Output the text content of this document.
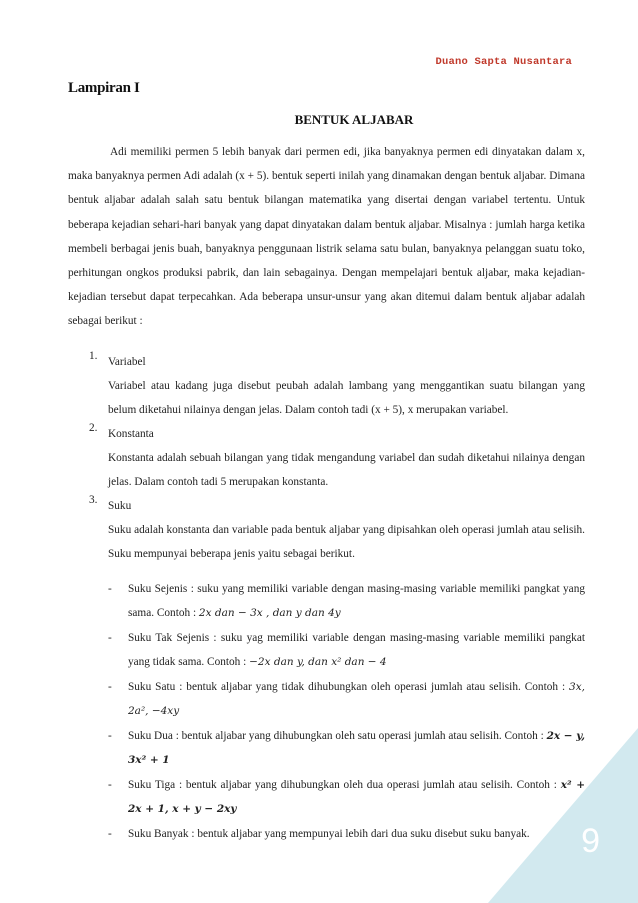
Duano Sapta Nusantara
Lampiran I
BENTUK ALJABAR

Adi memiliki permen 5 lebih banyak dari permen edi, jika banyaknya permen edi dinyatakan dalam x, maka banyaknya permen Adi adalah (x + 5). bentuk seperti inilah yang dinamakan dengan bentuk aljabar. Dimana bentuk aljabar adalah salah satu bentuk bilangan matematika yang disertai dengan variabel tertentu. Untuk beberapa kejadian sehari-hari banyak yang dapat dinyatakan dalam bentuk aljabar. Misalnya : jumlah harga ketika membeli berbagai jenis buah, banyaknya penggunaan listrik selama satu bulan, banyaknya pelanggan suatu toko, perhitungan ongkos produksi pabrik, dan lain sebagainya. Dengan mempelajari bentuk aljabar, maka kejadian-kejadian tersebut dapat terpecahkan. Ada beberapa unsur-unsur yang akan ditemui dalam bentuk aljabar adalah sebagai berikut :

1. Variabel

Variabel atau kadang juga disebut peubah adalah lambang yang menggantikan suatu bilangan yang belum diketahui nilainya dengan jelas. Dalam contoh tadi (x + 5), x merupakan variabel.

2. Konstanta

Konstanta adalah sebuah bilangan yang tidak mengandung variabel dan sudah diketahui nilainya dengan jelas. Dalam contoh tadi 5 merupakan konstanta.

3. Suku

Suku adalah konstanta dan variable pada bentuk aljabar yang dipisahkan oleh operasi jumlah atau selisih. Suku mempunyai beberapa jenis yaitu sebagai berikut.

- Suku Sejenis : suku yang memiliki variable dengan masing-masing variable memiliki pangkat yang sama. Contoh : 2x dan − 3x , dan y dan 4y
- Suku Tak Sejenis : suku yag memiliki variable dengan masing-masing variable memiliki pangkat yang tidak sama. Contoh : −2x dan y, dan x² dan − 4
- Suku Satu : bentuk aljabar yang tidak dihubungkan oleh operasi jumlah atau selisih. Contoh : 3x, 2a², −4xy
- Suku Dua : bentuk aljabar yang dihubungkan oleh satu operasi jumlah atau selisih. Contoh : 2x − y, 3x² + 1
- Suku Tiga : bentuk aljabar yang dihubungkan oleh dua operasi jumlah atau selisih. Contoh : x² + 2x + 1, x + y − 2xy
- Suku Banyak : bentuk aljabar yang mempunyai lebih dari dua suku disebut suku banyak.	9
